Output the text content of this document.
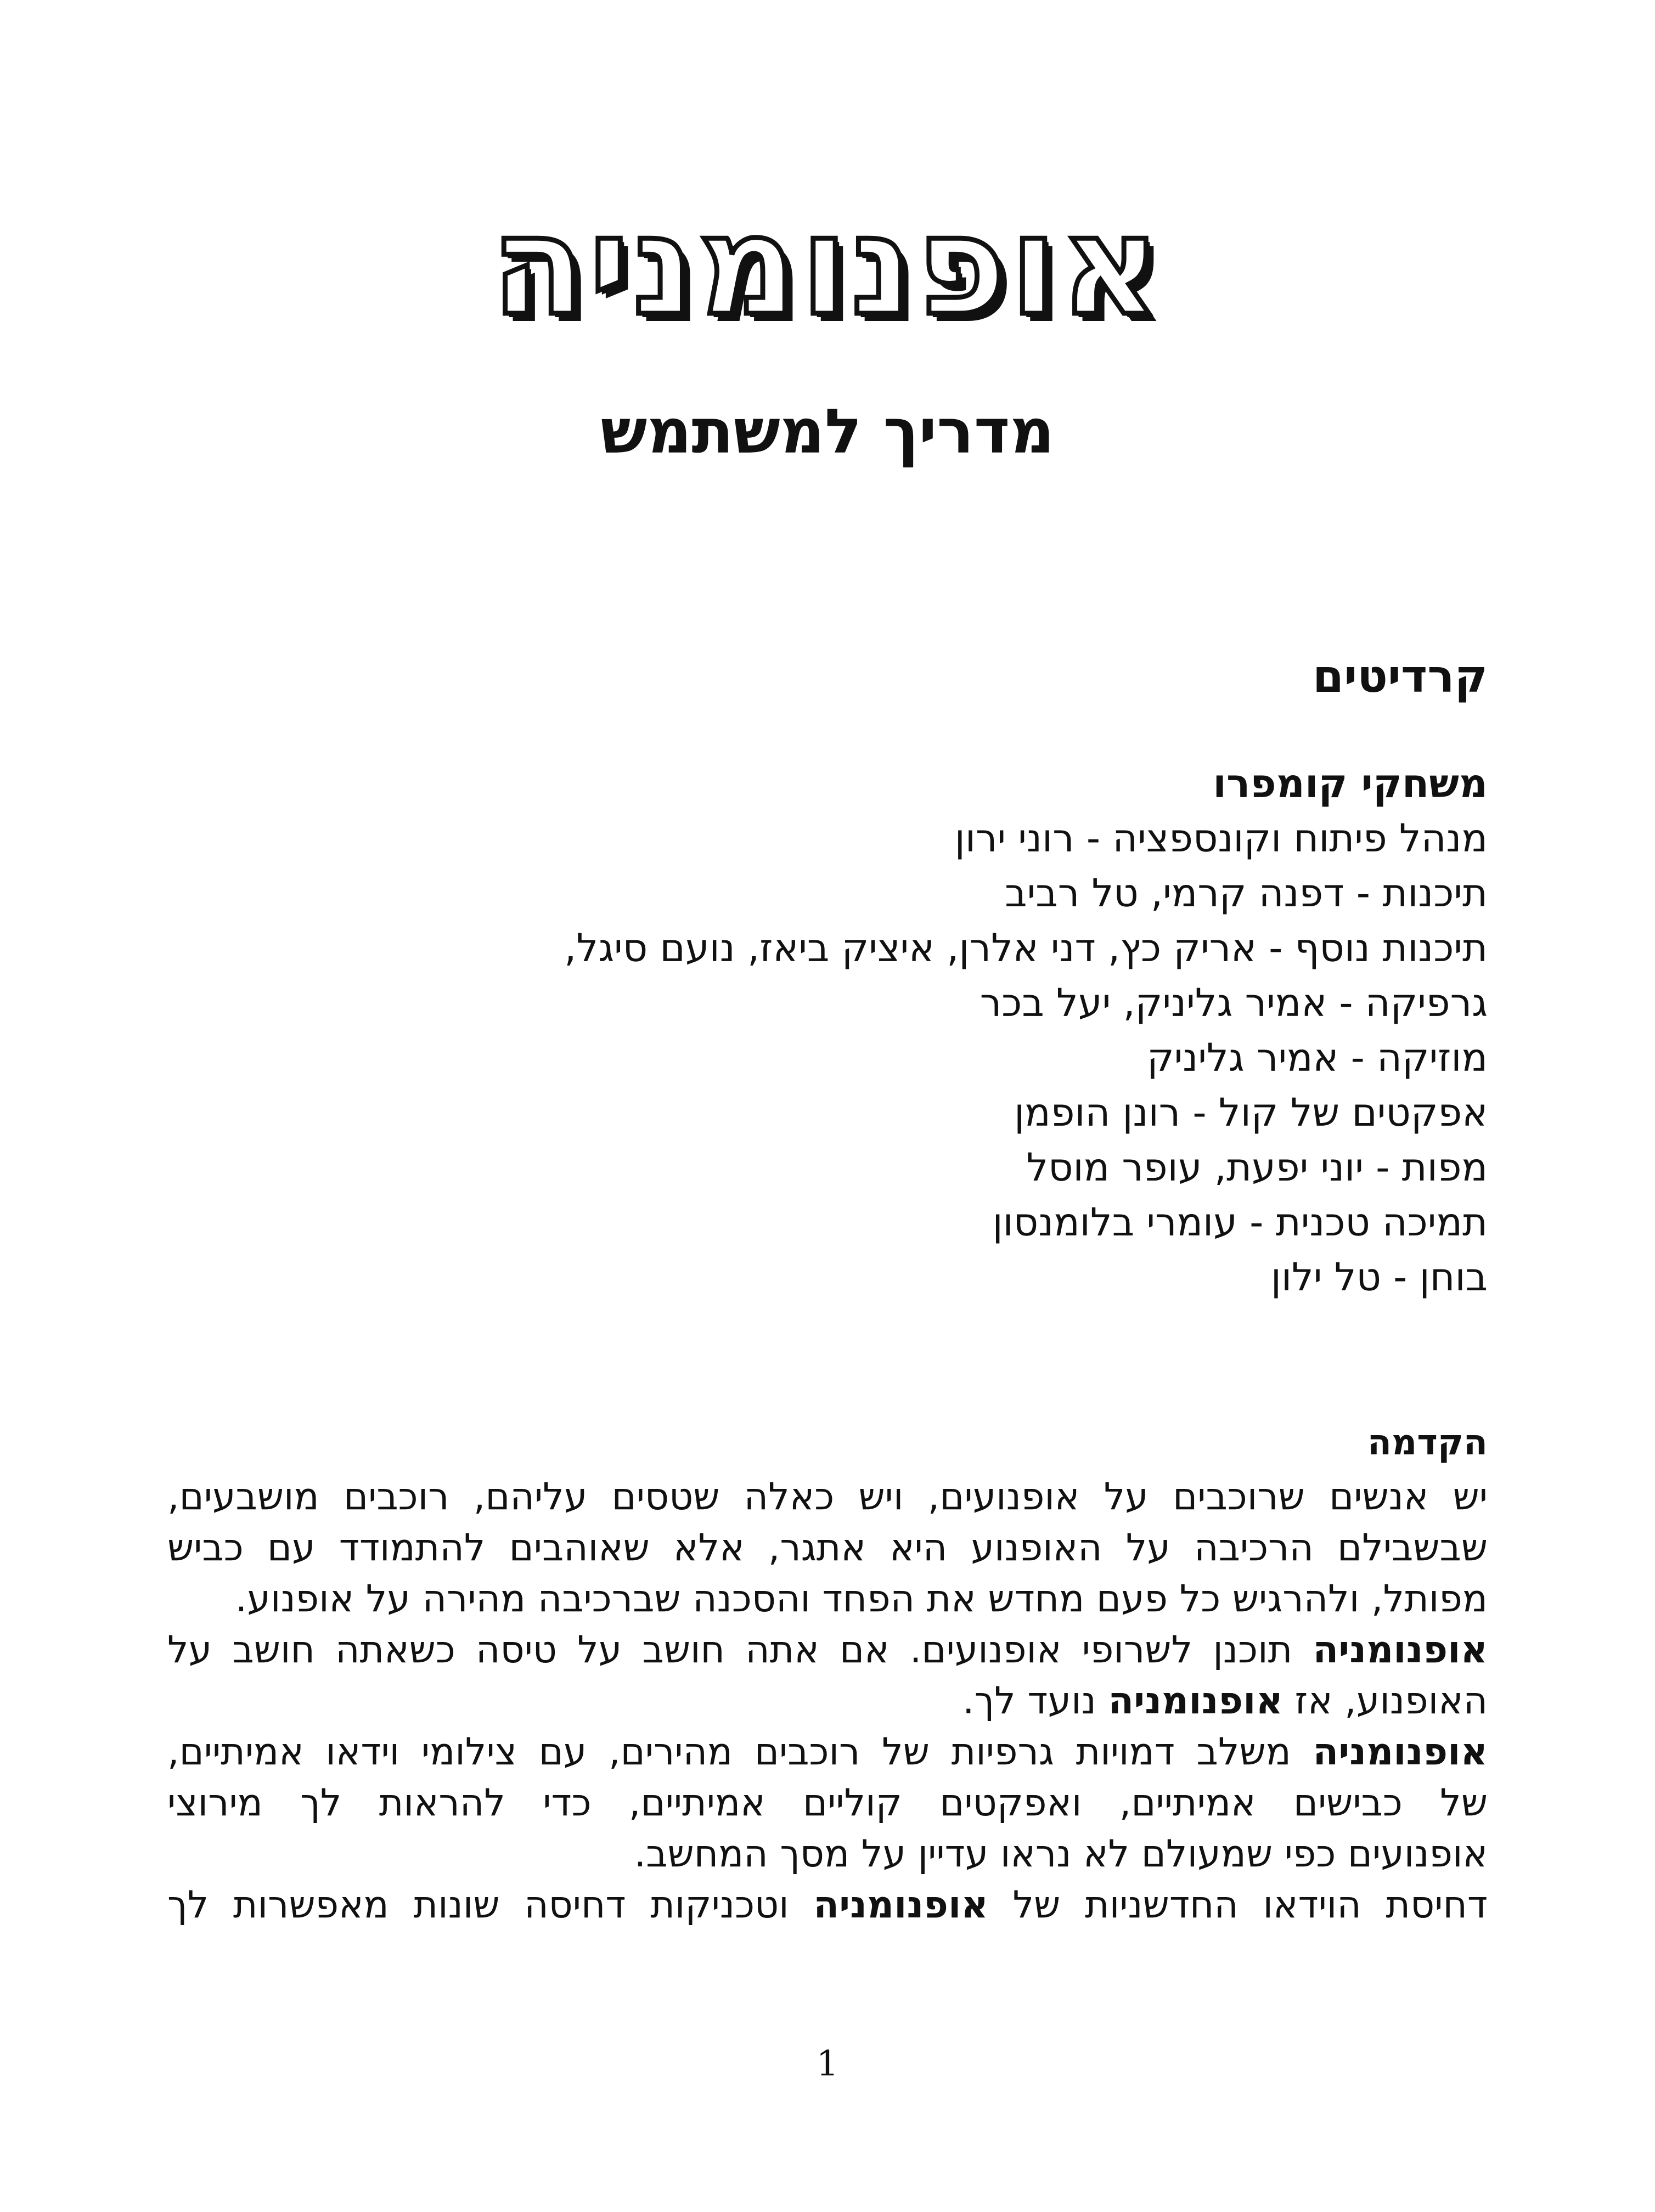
אופנומניה
מדריך למשתמש
קרדיטים
משחקי קומפרו
מנהל פיתוח וקונספציה - רוני ירון
תיכנות - דפנה קרמי, טל רביב
תיכנות נוסף - אריק כץ, דני אלרן, איציק ביאז, נועם סיגל,
גרפיקה - אמיר גליניק, יעל בכר
מוזיקה - אמיר גליניק
אפקטים של קול - רונן הופמן
מפות - יוני יפעת, עופר מוסל
תמיכה טכנית - עומרי בלומנסון
בוחן - טל ילון
הקדמה
יש אנשים שרוכבים על אופנועים, ויש כאלה שטסים עליהם, רוכבים מושבעים,
שבשבילם הרכיבה על האופנוע היא אתגר, אלא שאוהבים להתמודד עם כביש
מפותל, ולהרגיש כל פעם מחדש את הפחד והסכנה שברכיבה מהירה על אופנוע.
אופנומניה תוכנן לשרופי אופנועים. אם אתה חושב על טיסה כשאתה חושב על
האופנוע, אז אופנומניה נועד לך.
אופנומניה משלב דמויות גרפיות של רוכבים מהירים, עם צילומי וידאו אמיתיים,
של כבישים אמיתיים, ואפקטים קוליים אמיתיים, כדי להראות לך מירוצי
אופנועים כפי שמעולם לא נראו עדיין על מסך המחשב.
דחיסת הוידאו החדשניות של אופנומניה וטכניקות דחיסה שונות מאפשרות לך
1
